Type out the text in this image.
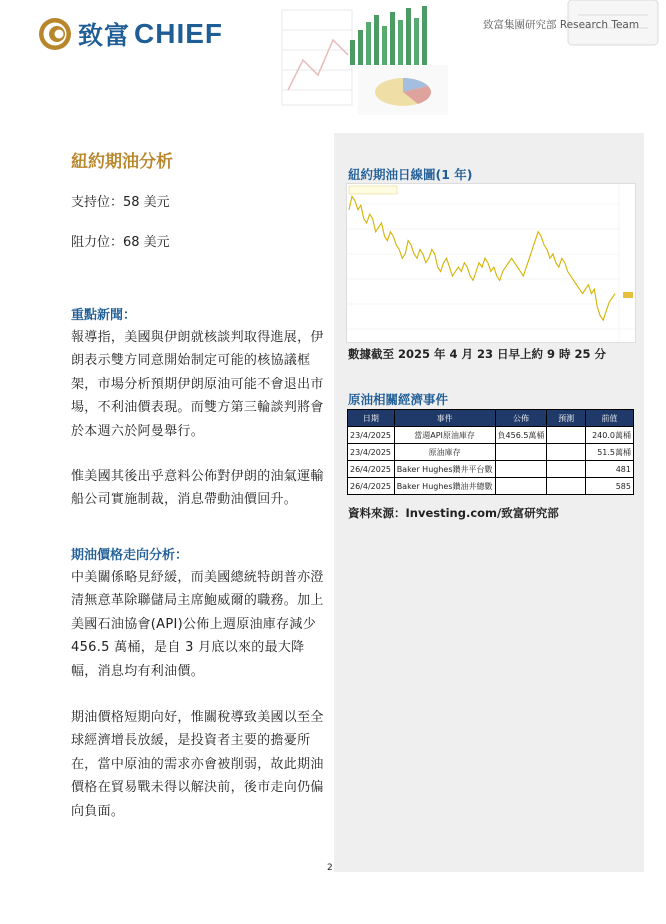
致富 CHIEF	致富集團研究部 Research Team
紐約期油分析
支持位：58 美元
阻力位：68 美元
重點新聞：
報導指，美國與伊朗就核談判取得進展，伊朗表示雙方同意開始制定可能的核協議框架，市場分析預期伊朗原油可能不會退出市場，不利油價表現。而雙方第三輪談判將會於本週六於阿曼舉行。
惟美國其後出乎意料公佈對伊朗的油氣運輸船公司實施制裁，消息帶動油價回升。
期油價格走向分析：
中美關係略見紓緩，而美國總統特朗普亦澄清無意革除聯儲局主席鮑威爾的職務。加上美國石油協會(API)公佈上週原油庫存減少 456.5 萬桶，是自 3 月底以來的最大降幅，消息均有利油價。
期油價格短期向好，惟關稅導致美國以至全球經濟增長放緩，是投資者主要的擔憂所在，當中原油的需求亦會被削弱，故此期油價格在貿易戰未得以解決前，後市走向仍偏向負面。
紐約期油日線圖(1 年)
數據截至 2025 年 4 月 23 日早上約 9 時 25 分
原油相關經濟事件
日期	事件	公佈	預測	前值
23/4/2025	當週API原油庫存	負456.5萬桶		240.0萬桶
23/4/2025	原油庫存			51.5萬桶
26/4/2025	Baker Hughes鑽井平台數			481
26/4/2025	Baker Hughes鑽油井總數			585
資料來源：Investing.com/致富研究部
2
